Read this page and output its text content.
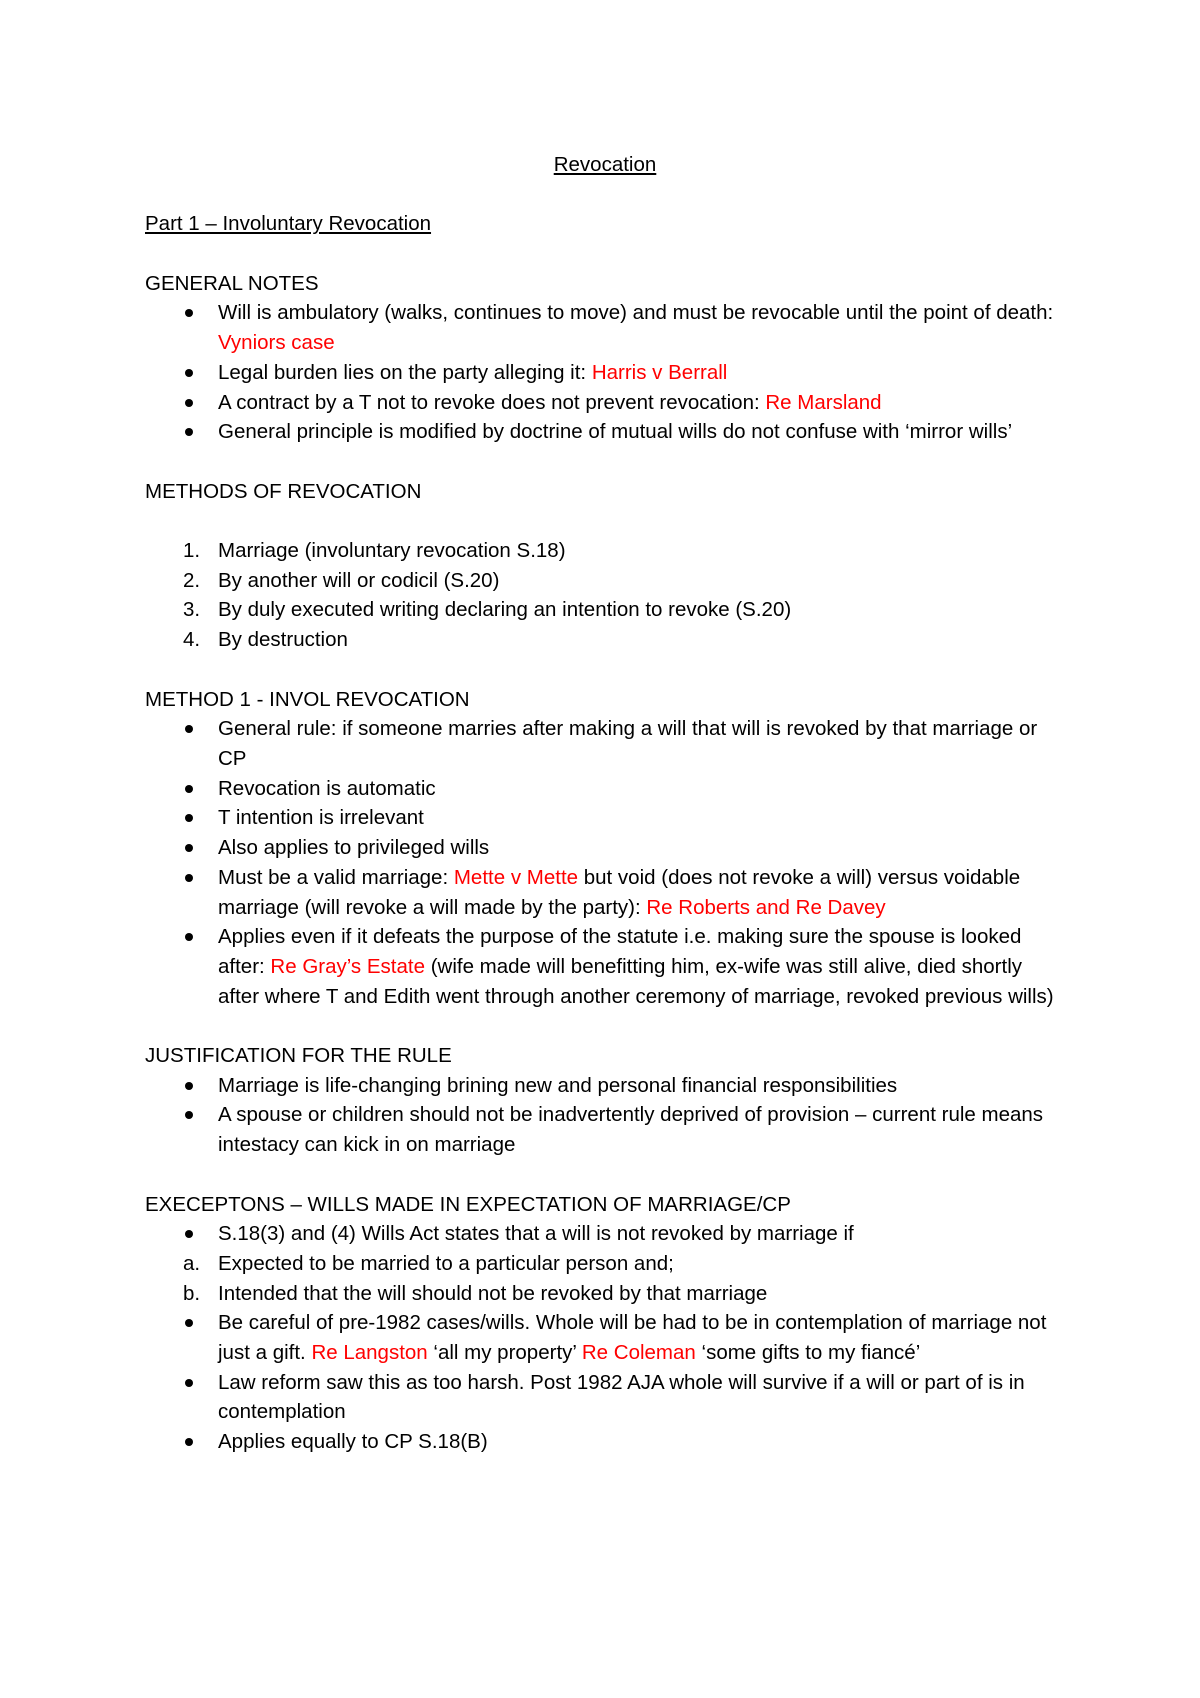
Revocation

Part 1 – Involuntary Revocation

GENERAL NOTES

Will is ambulatory (walks, continues to move) and must be revocable until the point of death: Vyniors case
Legal burden lies on the party alleging it: Harris v Berrall
A contract by a T not to revoke does not prevent revocation: Re Marsland
General principle is modified by doctrine of mutual wills do not confuse with ‘mirror wills’

METHODS OF REVOCATION

1. Marriage (involuntary revocation S.18)
2. By another will or codicil (S.20)
3. By duly executed writing declaring an intention to revoke (S.20)
4. By destruction

METHOD 1 - INVOL REVOCATION

General rule: if someone marries after making a will that will is revoked by that marriage or CP
Revocation is automatic
T intention is irrelevant
Also applies to privileged wills
Must be a valid marriage: Mette v Mette but void (does not revoke a will) versus voidable marriage (will revoke a will made by the party): Re Roberts and Re Davey
Applies even if it defeats the purpose of the statute i.e. making sure the spouse is looked after: Re Gray’s Estate (wife made will benefitting him, ex-wife was still alive, died shortly after where T and Edith went through another ceremony of marriage, revoked previous wills)

JUSTIFICATION FOR THE RULE

Marriage is life-changing brining new and personal financial responsibilities
A spouse or children should not be inadvertently deprived of provision – current rule means intestacy can kick in on marriage

EXECEPTONS – WILLS MADE IN EXPECTATION OF MARRIAGE/CP

S.18(3) and (4) Wills Act states that a will is not revoked by marriage if
a. Expected to be married to a particular person and;
b. Intended that the will should not be revoked by that marriage
Be careful of pre-1982 cases/wills. Whole will be had to be in contemplation of marriage not just a gift. Re Langston ‘all my property’ Re Coleman ‘some gifts to my fiancé’
Law reform saw this as too harsh. Post 1982 AJA whole will survive if a will or part of is in contemplation
Applies equally to CP S.18(B)
